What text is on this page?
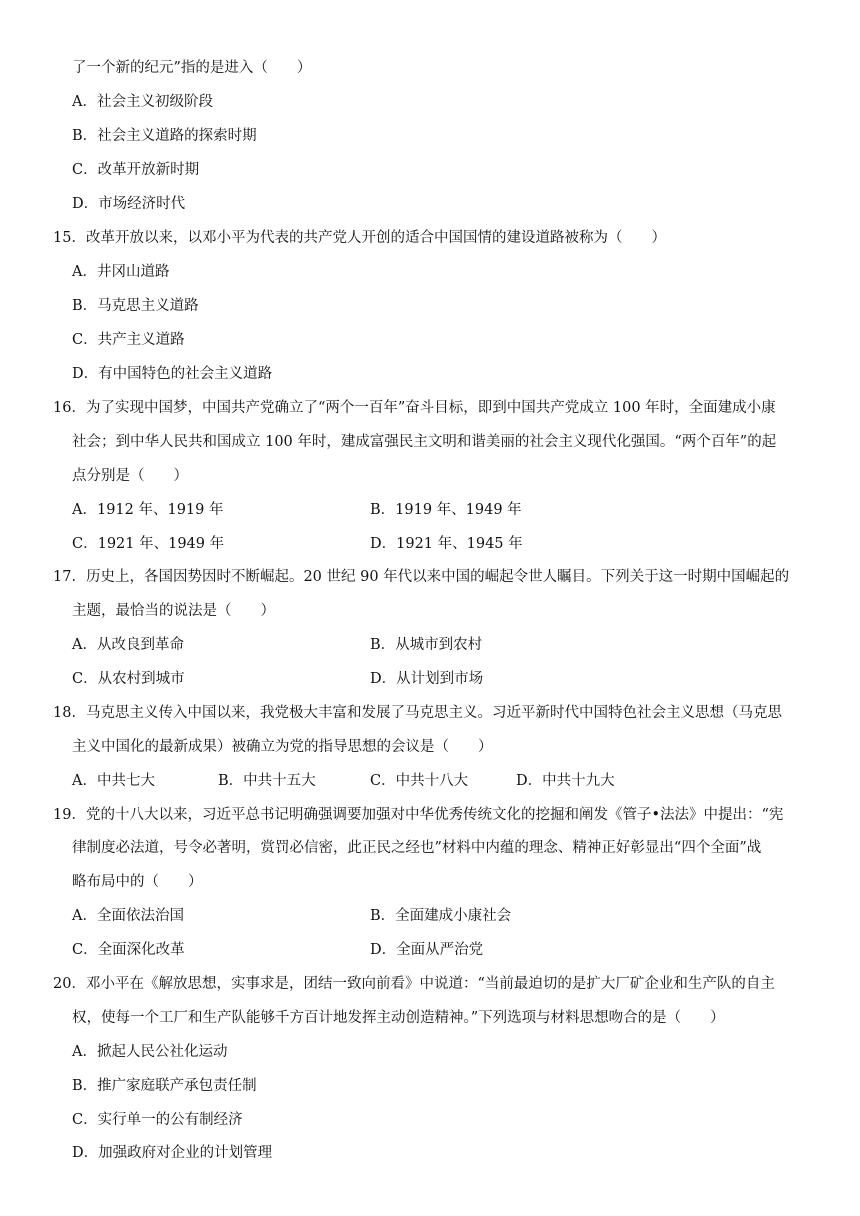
了一个新的纪元”指的是进入（　　）
A．社会主义初级阶段
B．社会主义道路的探索时期
C．改革开放新时期
D．市场经济时代
15．改革开放以来，以邓小平为代表的共产党人开创的适合中国国情的建设道路被称为（　　）
A．井冈山道路
B．马克思主义道路
C．共产主义道路
D．有中国特色的社会主义道路
16．为了实现中国梦，中国共产党确立了“两个一百年”奋斗目标，即到中国共产党成立 100 年时，全面建成小康
社会；到中华人民共和国成立 100 年时，建成富强民主文明和谐美丽的社会主义现代化强国。“两个百年”的起
点分别是（　　）
A．1912 年、1919 年	B．1919 年、1949 年
C．1921 年、1949 年	D．1921 年、1945 年
17．历史上，各国因势因时不断崛起。20 世纪 90 年代以来中国的崛起令世人瞩目。下列关于这一时期中国崛起的
主题，最恰当的说法是（　　）
A．从改良到革命	B．从城市到农村
C．从农村到城市	D．从计划到市场
18．马克思主义传入中国以来，我党极大丰富和发展了马克思主义。习近平新时代中国特色社会主义思想（马克思
主义中国化的最新成果）被确立为党的指导思想的会议是（　　）
A．中共七大	B．中共十五大	C．中共十八大	D．中共十九大
19．党的十八大以来，习近平总书记明确强调要加强对中华优秀传统文化的挖掘和阐发《管子•法法》中提出：“宪
律制度必法道，号令必著明，赏罚必信密，此正民之经也”材料中内蕴的理念、精神正好彰显出“四个全面”战
略布局中的（　　）
A．全面依法治国	B．全面建成小康社会
C．全面深化改革	D．全面从严治党
20．邓小平在《解放思想，实事求是，团结一致向前看》中说道：“当前最迫切的是扩大厂矿企业和生产队的自主
权，使每一个工厂和生产队能够千方百计地发挥主动创造精神。”下列选项与材料思想吻合的是（　　）
A．掀起人民公社化运动
B．推广家庭联产承包责任制
C．实行单一的公有制经济
D．加强政府对企业的计划管理
